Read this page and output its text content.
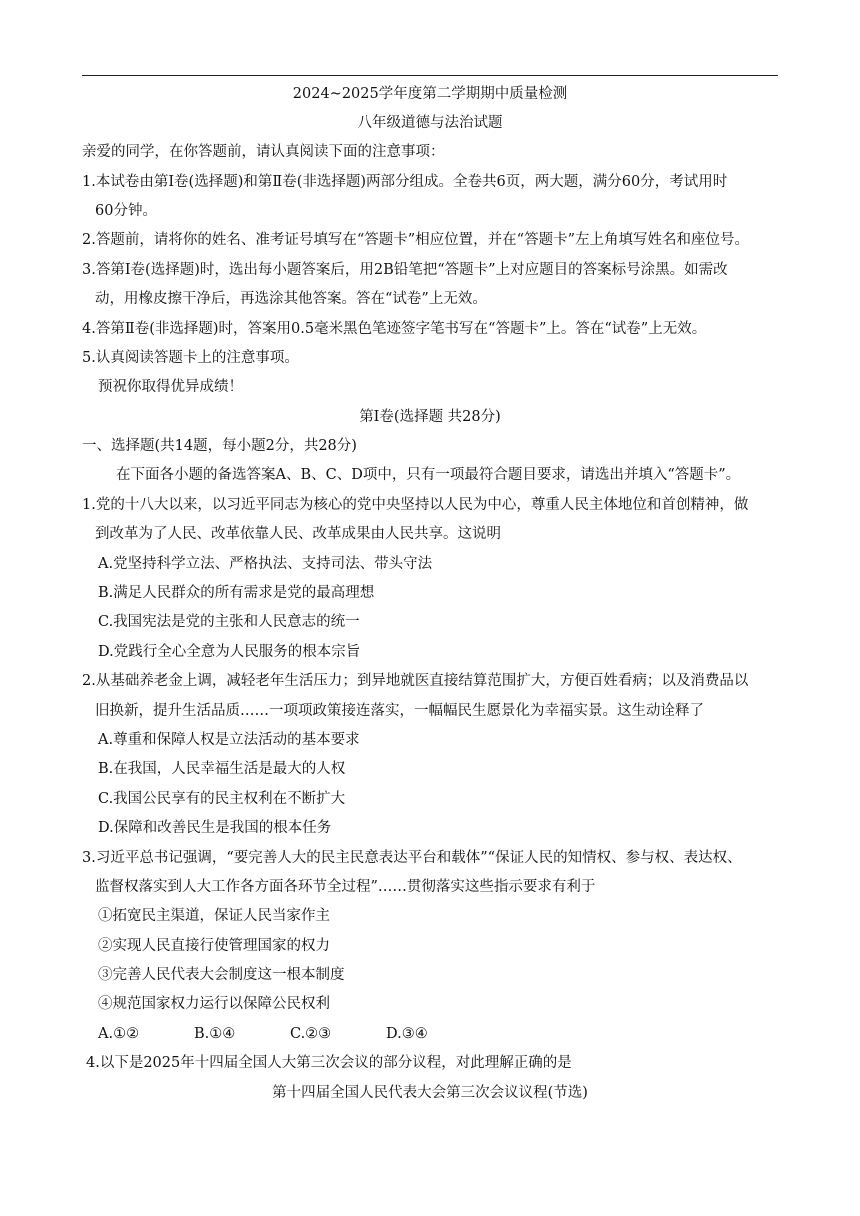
2024~2025学年度第二学期期中质量检测
八年级道德与法治试题
亲爱的同学，在你答题前，请认真阅读下面的注意事项：
1.本试卷由第Ⅰ卷(选择题)和第Ⅱ卷(非选择题)两部分组成。全卷共6页，两大题，满分60分，考试用时
60分钟。
2.答题前，请将你的姓名、准考证号填写在“答题卡”相应位置，并在“答题卡”左上角填写姓名和座位号。
3.答第Ⅰ卷(选择题)时，选出每小题答案后，用2B铅笔把“答题卡”上对应题目的答案标号涂黑。如需改
动，用橡皮擦干净后，再选涂其他答案。答在“试卷”上无效。
4.答第Ⅱ卷(非选择题)时，答案用0.5毫米黑色笔迹签字笔书写在“答题卡”上。答在“试卷”上无效。
5.认真阅读答题卡上的注意事项。
预祝你取得优异成绩！
第Ⅰ卷(选择题 共28分)
一、选择题(共14题，每小题2分，共28分)
在下面各小题的备选答案A、B、C、D项中，只有一项最符合题目要求，请选出并填入“答题卡”。
1.党的十八大以来，以习近平同志为核心的党中央坚持以人民为中心，尊重人民主体地位和首创精神，做
到改革为了人民、改革依靠人民、改革成果由人民共享。这说明
A.党坚持科学立法、严格执法、支持司法、带头守法
B.满足人民群众的所有需求是党的最高理想
C.我国宪法是党的主张和人民意志的统一
D.党践行全心全意为人民服务的根本宗旨
2.从基础养老金上调，减轻老年生活压力；到异地就医直接结算范围扩大，方便百姓看病；以及消费品以
旧换新，提升生活品质……一项项政策接连落实，一幅幅民生愿景化为幸福实景。这生动诠释了
A.尊重和保障人权是立法活动的基本要求
B.在我国，人民幸福生活是最大的人权
C.我国公民享有的民主权利在不断扩大
D.保障和改善民生是我国的根本任务
3.习近平总书记强调，“要完善人大的民主民意表达平台和载体”“保证人民的知情权、参与权、表达权、
监督权落实到人大工作各方面各环节全过程”……贯彻落实这些指示要求有利于
①拓宽民主渠道，保证人民当家作主
②实现人民直接行使管理国家的权力
③完善人民代表大会制度这一根本制度
④规范国家权力运行以保障公民权利
A.①②	B.①④	C.②③	D.③④
4.以下是2025年十四届全国人大第三次会议的部分议程，对此理解正确的是
第十四届全国人民代表大会第三次会议议程(节选)
